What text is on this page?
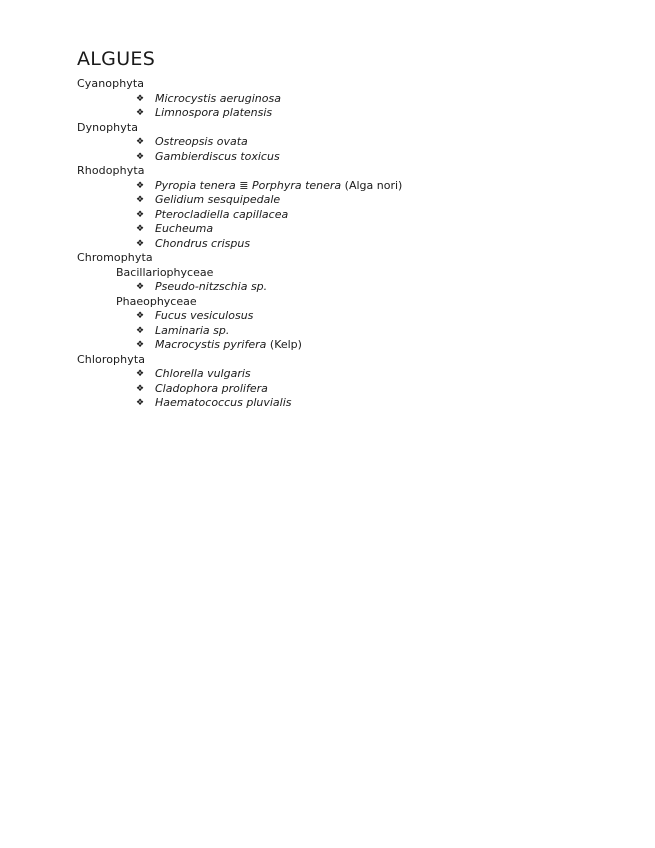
ALGUES
Cyanophyta
❖ Microcystis aeruginosa
❖ Limnospora platensis
Dynophyta
❖ Ostreopsis ovata
❖ Gambierdiscus toxicus
Rhodophyta
❖ Pyropia tenera ≣ Porphyra tenera (Alga nori)
❖ Gelidium sesquipedale
❖ Pterocladiella capillacea
❖ Eucheuma
❖ Chondrus crispus
Chromophyta
Bacillariophyceae
❖ Pseudo-nitzschia sp.
Phaeophyceae
❖ Fucus vesiculosus
❖ Laminaria sp.
❖ Macrocystis pyrifera (Kelp)
Chlorophyta
❖ Chlorella vulgaris
❖ Cladophora prolifera
❖ Haematococcus pluvialis
